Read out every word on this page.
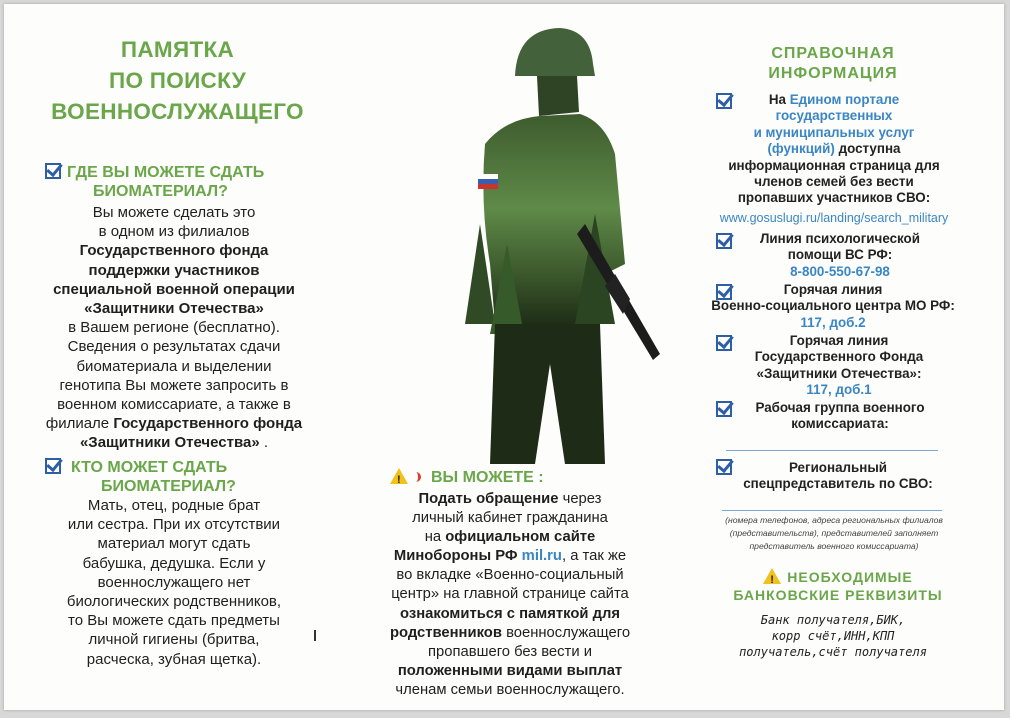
ПАМЯТКА
ПО ПОИСКУ
ВОЕННОСЛУЖАЩЕГО
ГДЕ ВЫ МОЖЕТЕ СДАТЬ
БИОМАТЕРИАЛ?
Вы можете сделать это
в одном из филиалов
Государственного фонда
поддержки участников
специальной военной операции
«Защитники Отечества»
в Вашем регионе (бесплатно).
Сведения о результатах сдачи
биоматериала и выделении
генотипа Вы можете запросить в
военном комиссариате, а также в
филиале Государственного фонда
«Защитники Отечества» .
КТО МОЖЕТ СДАТЬ
БИОМАТЕРИАЛ?
Мать, отец, родные брат
или сестра. При их отсутствии
материал могут сдать
бабушка, дедушка. Если у
военнослужащего нет
биологических родственников,
то Вы можете сдать предметы
личной гигиены (бритва,
расческа, зубная щетка).
!ВЫ МОЖЕТЕ :
Подать обращение через
личный кабинет гражданина
на официальном сайте
Минобороны РФ mil.ru, а так же
во вкладке «Военно-социальный
центр» на главной странице сайта
ознакомиться с памяткой для
родственников военнослужащего
пропавшего без вести и
положенными видами выплат
членам семьи военнослужащего.
СПРАВОЧНАЯ
ИНФОРМАЦИЯ
На Едином портале
государственных
и муниципальных услуг
(функций) доступна
информационная страница для
членов семей без вести
пропавших участников СВО:
www.gosuslugi.ru/landing/search_military
Линия психологической
помощи ВС РФ:
8-800-550-67-98
Горячая линия
Военно-социального центра МО РФ:
117, доб.2
Горячая линия
Государственного Фонда
«Защитники Отечества»:
117, доб.1
Рабочая группа военного
комиссариата:
Региональный
спецпредставитель по СВО:
(номера телефонов, адреса региональных филиалов
(представительств), представителей заполняет
представитель военного комиссариата)
!НЕОБХОДИМЫЕ
БАНКОВСКИЕ РЕКВИЗИТЫ
Банк получателя,БИК,
корр счёт,ИНН,КПП
получатель,счёт получателя
